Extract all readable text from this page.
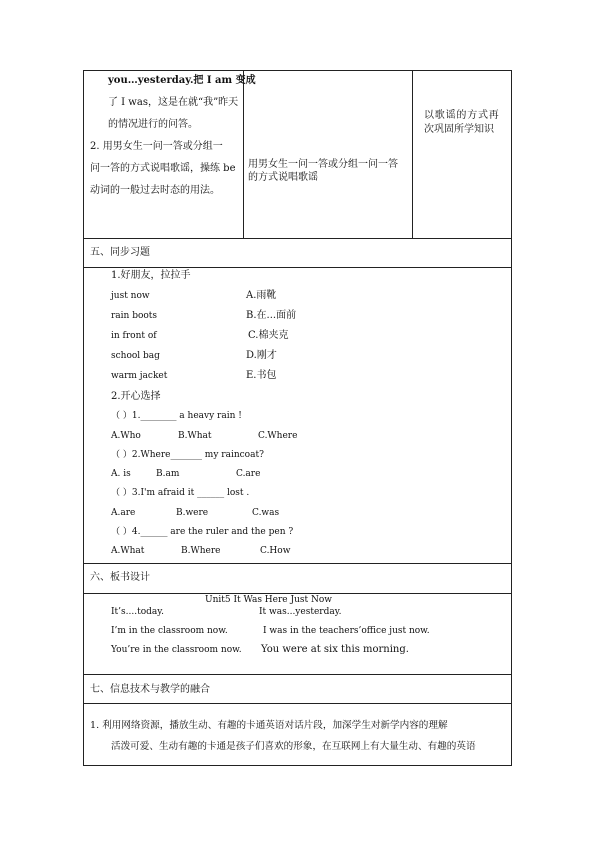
you…yesterday.把 I am 变成
了 I was，这是在就“我”昨天
的情况进行的问答。
2. 用男女生一问一答或分组一
问一答的方式说唱歌谣，操练 be
动词的一般过去时态的用法。
用男女生一问一答或分组一问一答
的方式说唱歌谣
以歌谣的方式再
次巩固所学知识
五、同步习题
1.好朋友，拉拉手
just now	A.雨靴
rain boots	B.在...面前
in front of	C.棉夹克
school bag	D.刚才
warm jacket	E.书包
2.开心选择
（ ）1.________ a heavy rain !
A.Who	B.What	C.Where
（ ）2.Where_______ my raincoat?
A. is	B.am	C.are
（ ）3.I'm afraid it ______ lost .
A.are	B.were	C.was
（ ）4.______ are the ruler and the pen ?
A.What	B.Where	C.How
六、板书设计
Unit5 It Was Here Just Now
It’s....today.	It was...yesterday.
I’m in the classroom now.	I was in the teachers’office just now.
You’re in the classroom now. You were at six this morning.
七、信息技术与教学的融合
1. 利用网络资源，播放生动、有趣的卡通英语对话片段，加深学生对新学内容的理解
活泼可爱、生动有趣的卡通是孩子们喜欢的形象，在互联网上有大量生动、有趣的英语
